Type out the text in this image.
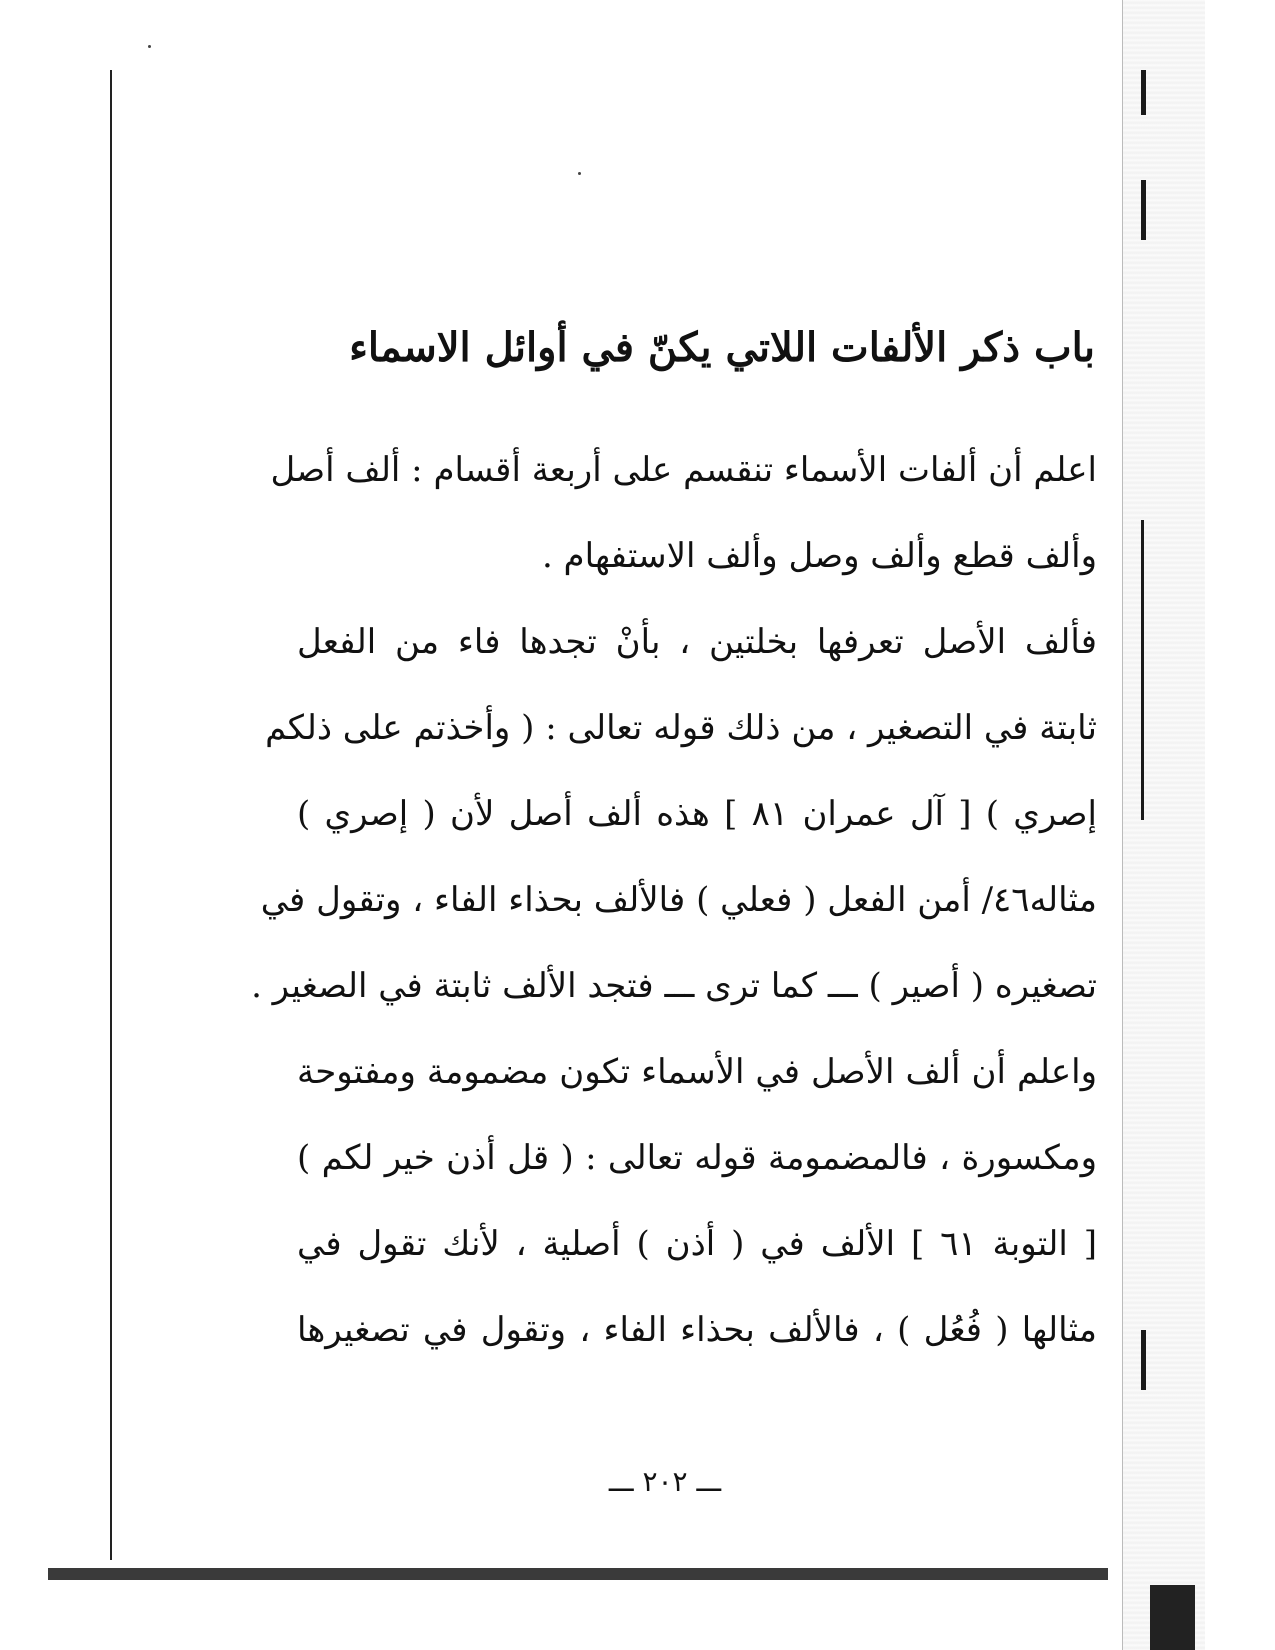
باب ذكر الألفات اللاتي يكنّ في أوائل الاسماء
اعلم أن ألفات الأسماء تنقسم على أربعة أقسام : ألف أصل
وألف قطع وألف وصل وألف الاستفهام .
فألف الأصل تعرفها بخلتين ، بأنْ تجدها فاء من الفعل
ثابتة في التصغير ، من ذلك قوله تعالى : ( وأخذتم على ذلكم
إصري ) [ آل عمران ٨١ ] هذه ألف أصل لأن ( إصري )
مثاله٤٦/ أمن الفعل ( فعلي ) فالألف بحذاء الفاء ، وتقول في
تصغيره ( أصير ) ـــ كما ترى ـــ فتجد الألف ثابتة في الصغير .
واعلم أن ألف الأصل في الأسماء تكون مضمومة ومفتوحة
ومكسورة ، فالمضمومة قوله تعالى : ( قل أذن خير لكم )
[ التوبة ٦١ ] الألف في ( أذن ) أصلية ، لأنك تقول في
مثالها ( فُعُل ) ، فالألف بحذاء الفاء ، وتقول في تصغيرها
ـــ ٢٠٢ ـــ
